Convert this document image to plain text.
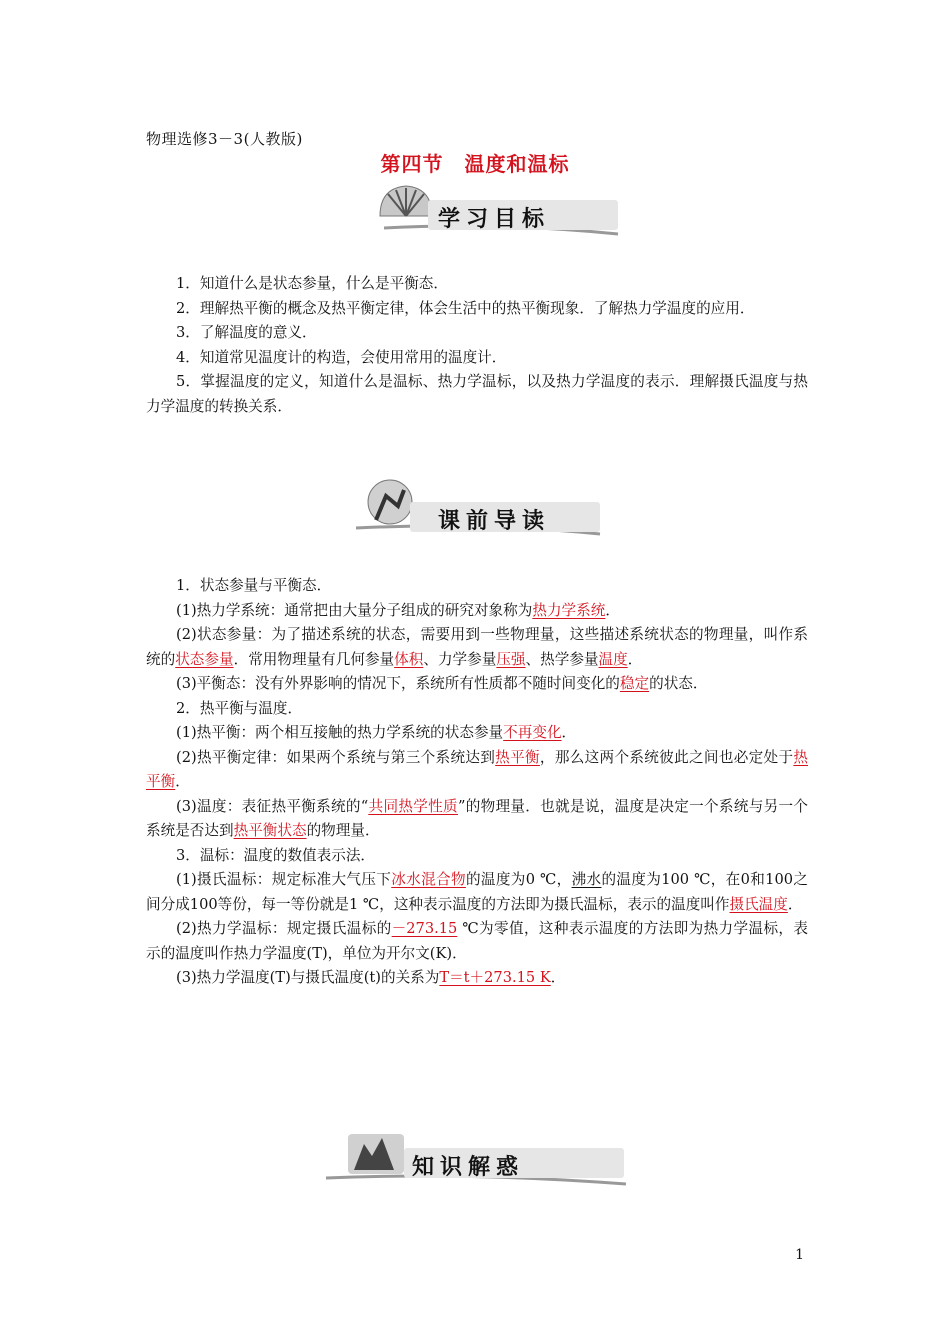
物理选修3－3(人教版)
第四节　温度和温标
学习目标

1．知道什么是状态参量，什么是平衡态．

2．理解热平衡的概念及热平衡定律，体会生活中的热平衡现象．了解热力学温度的应用．

3．了解温度的意义．

4．知道常见温度计的构造，会使用常用的温度计．

5．掌握温度的定义，知道什么是温标、热力学温标，以及热力学温度的表示．理解摄氏温度与热力学温度的转换关系．

课前导读

1．状态参量与平衡态．

(1)热力学系统：通常把由大量分子组成的研究对象称为热力学系统．

(2)状态参量：为了描述系统的状态，需要用到一些物理量，这些描述系统状态的物理量，叫作系统的状态参量．常用物理量有几何参量体积、力学参量压强、热学参量温度．

(3)平衡态：没有外界影响的情况下，系统所有性质都不随时间变化的稳定的状态．

2．热平衡与温度．

(1)热平衡：两个相互接触的热力学系统的状态参量不再变化．

(2)热平衡定律：如果两个系统与第三个系统达到热平衡，那么这两个系统彼此之间也必定处于热平衡．

(3)温度：表征热平衡系统的“共同热学性质”的物理量．也就是说，温度是决定一个系统与另一个系统是否达到热平衡状态的物理量．

3．温标：温度的数值表示法．

(1)摄氏温标：规定标准大气压下冰水混合物的温度为0 ℃，沸水的温度为100 ℃，在0和100之间分成100等份，每一等份就是1 ℃，这种表示温度的方法即为摄氏温标，表示的温度叫作摄氏温度．

(2)热力学温标：规定摄氏温标的－273.15 ℃为零值，这种表示温度的方法即为热力学温标，表示的温度叫作热力学温度(T)，单位为开尔文(K)．

(3)热力学温度(T)与摄氏温度(t)的关系为T＝t＋273.15 K．

知识解惑
1
